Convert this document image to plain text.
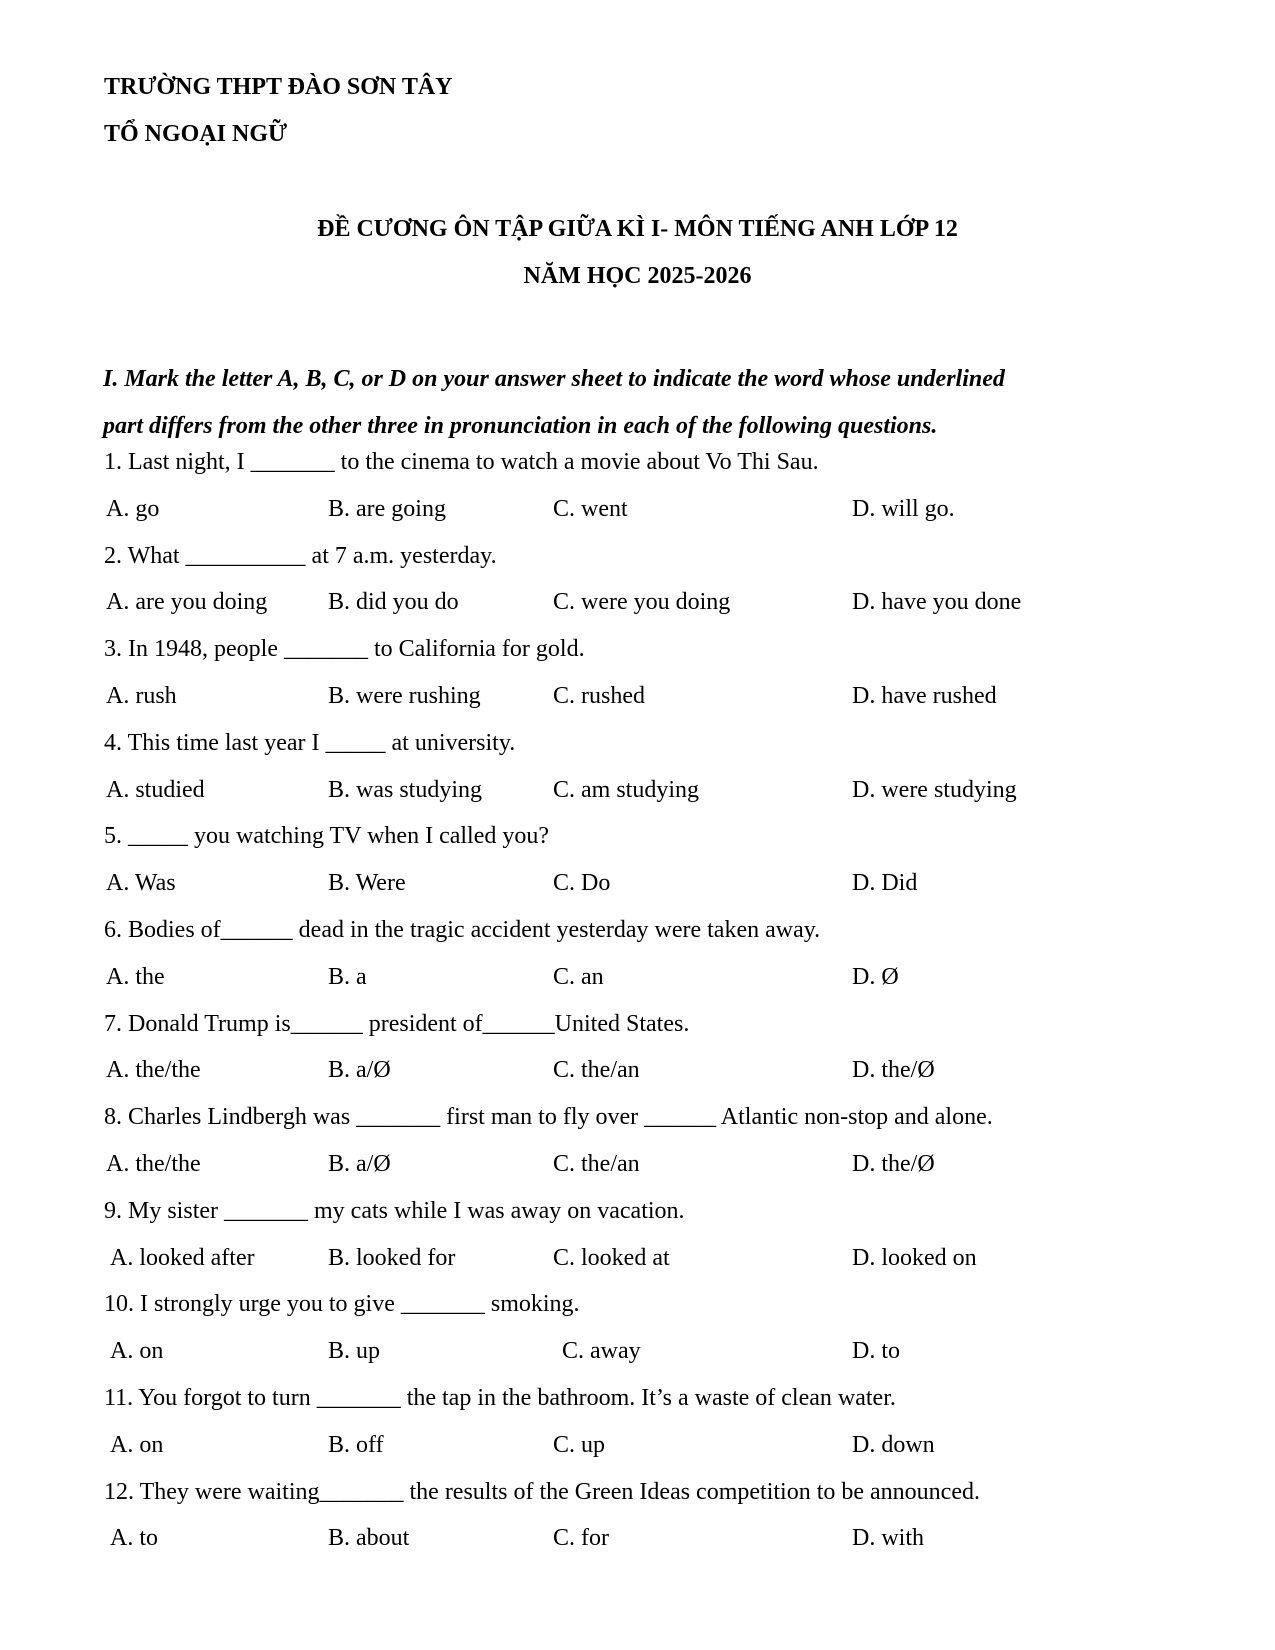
TRƯỜNG THPT ĐÀO SƠN TÂY
TỔ NGOẠI NGỮ
ĐỀ CƯƠNG ÔN TẬP GIỮA KÌ I- MÔN TIẾNG ANH LỚP 12
NĂM HỌC 2025-2026
I. Mark the letter A, B, C, or D on your answer sheet to indicate the word whose underlined
part differs from the other three in pronunciation in each of the following questions.
1. Last night, I _______ to the cinema to watch a movie about Vo Thi Sau.
A. go	B. are going	C. went	D. will go.
2. What __________ at 7 a.m. yesterday.
A. are you doing	B. did you do	C. were you doing	D. have you done
3. In 1948, people _______ to California for gold.
A. rush	B. were rushing	C. rushed	D. have rushed
4. This time last year I _____ at university.
A. studied	B. was studying	C. am studying	D. were studying
5. _____ you watching TV when I called you?
A. Was	B. Were	C. Do	D. Did
6. Bodies of______ dead in the tragic accident yesterday were taken away.
A. the	B. a	C. an	D. Ø
7. Donald Trump is______ president of______United States.
A. the/the	B. a/Ø	C. the/an	D. the/Ø
8. Charles Lindbergh was _______ first man to fly over ______ Atlantic non-stop and alone.
A. the/the	B. a/Ø	C. the/an	D. the/Ø
9. My sister _______ my cats while I was away on vacation.
A. looked after	B. looked for	C. looked at	D. looked on
10. I strongly urge you to give _______ smoking.
A. on	B. up	C. away	D. to
11. You forgot to turn _______ the tap in the bathroom. It’s a waste of clean water.
A. on	B. off	C. up	D. down
12. They were waiting_______ the results of the Green Ideas competition to be announced.
A. to	B. about	C. for	D. with
